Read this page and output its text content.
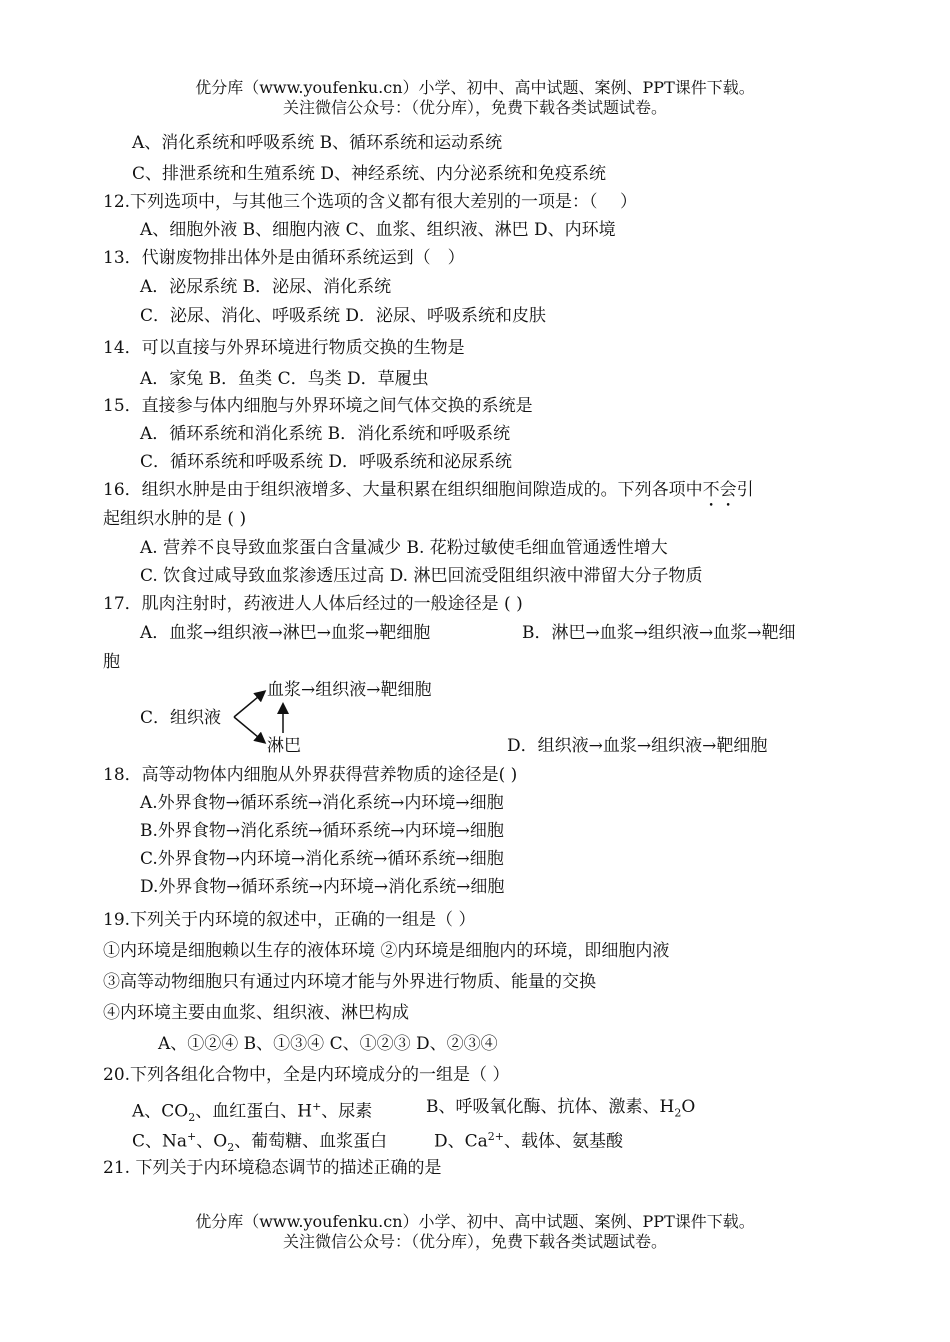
优分库（www.youfenku.cn）小学、初中、高中试题、案例、PPT课件下载。
关注微信公众号：（优分库），免费下载各类试题试卷。
A、消化系统和呼吸系统 B、循环系统和运动系统
C、排泄系统和生殖系统 D、神经系统、内分泌系统和免疫系统
12.下列选项中，与其他三个选项的含义都有很大差别的一项是：（　 ）
A、细胞外液 B、细胞内液 C、血浆、组织液、淋巴 D、内环境
13．代谢废物排出体外是由循环系统运到（　）
A．泌尿系统 B．泌尿、消化系统
C．泌尿、消化、呼吸系统 D．泌尿、呼吸系统和皮肤
14．可以直接与外界环境进行物质交换的生物是
A．家兔 B．鱼类 C．鸟类 D．草履虫
15．直接参与体内细胞与外界环境之间气体交换的系统是
A．循环系统和消化系统 B．消化系统和呼吸系统
C．循环系统和呼吸系统 D．呼吸系统和泌尿系统
16．组织水肿是由于组织液增多、大量积累在组织细胞间隙造成的。下列各项中不会引
起组织水肿的是 ( )
A. 营养不良导致血浆蛋白含量减少 B. 花粉过敏使毛细血管通透性增大
C. 饮食过咸导致血浆渗透压过高 D. 淋巴回流受阻组织液中滞留大分子物质
17．肌肉注射时，药液进人人体后经过的一般途径是 ( )
A．血浆→组织液→淋巴→血浆→靶细胞	B．淋巴→血浆→组织液→血浆→靶细
胞
C．组织液
血浆→组织液→靶细胞
淋巴	D．组织液→血浆→组织液→靶细胞
18．高等动物体内细胞从外界获得营养物质的途径是( )
A.外界食物→循环系统→消化系统→内环境→细胞
B.外界食物→消化系统→循环系统→内环境→细胞
C.外界食物→内环境→消化系统→循环系统→细胞
D.外界食物→循环系统→内环境→消化系统→细胞
19.下列关于内环境的叙述中，正确的一组是（ ）
①内环境是细胞赖以生存的液体环境 ②内环境是细胞内的环境，即细胞内液
③高等动物细胞只有通过内环境才能与外界进行物质、能量的交换
④内环境主要由血浆、组织液、淋巴构成
A、①②④ B、①③④ C、①②③ D、②③④
20.下列各组化合物中，全是内环境成分的一组是（ ）
A、$CO_2$、血红蛋白、H+、尿素	B、呼吸氧化酶、抗体、激素、$H_2O$
C、Na+、$O_2$、葡萄糖、血浆蛋白	D、$Ca^{2+}$、载体、氨基酸
21. 下列关于内环境稳态调节的描述正确的是
优分库（www.youfenku.cn）小学、初中、高中试题、案例、PPT课件下载。
关注微信公众号：（优分库），免费下载各类试题试卷。
